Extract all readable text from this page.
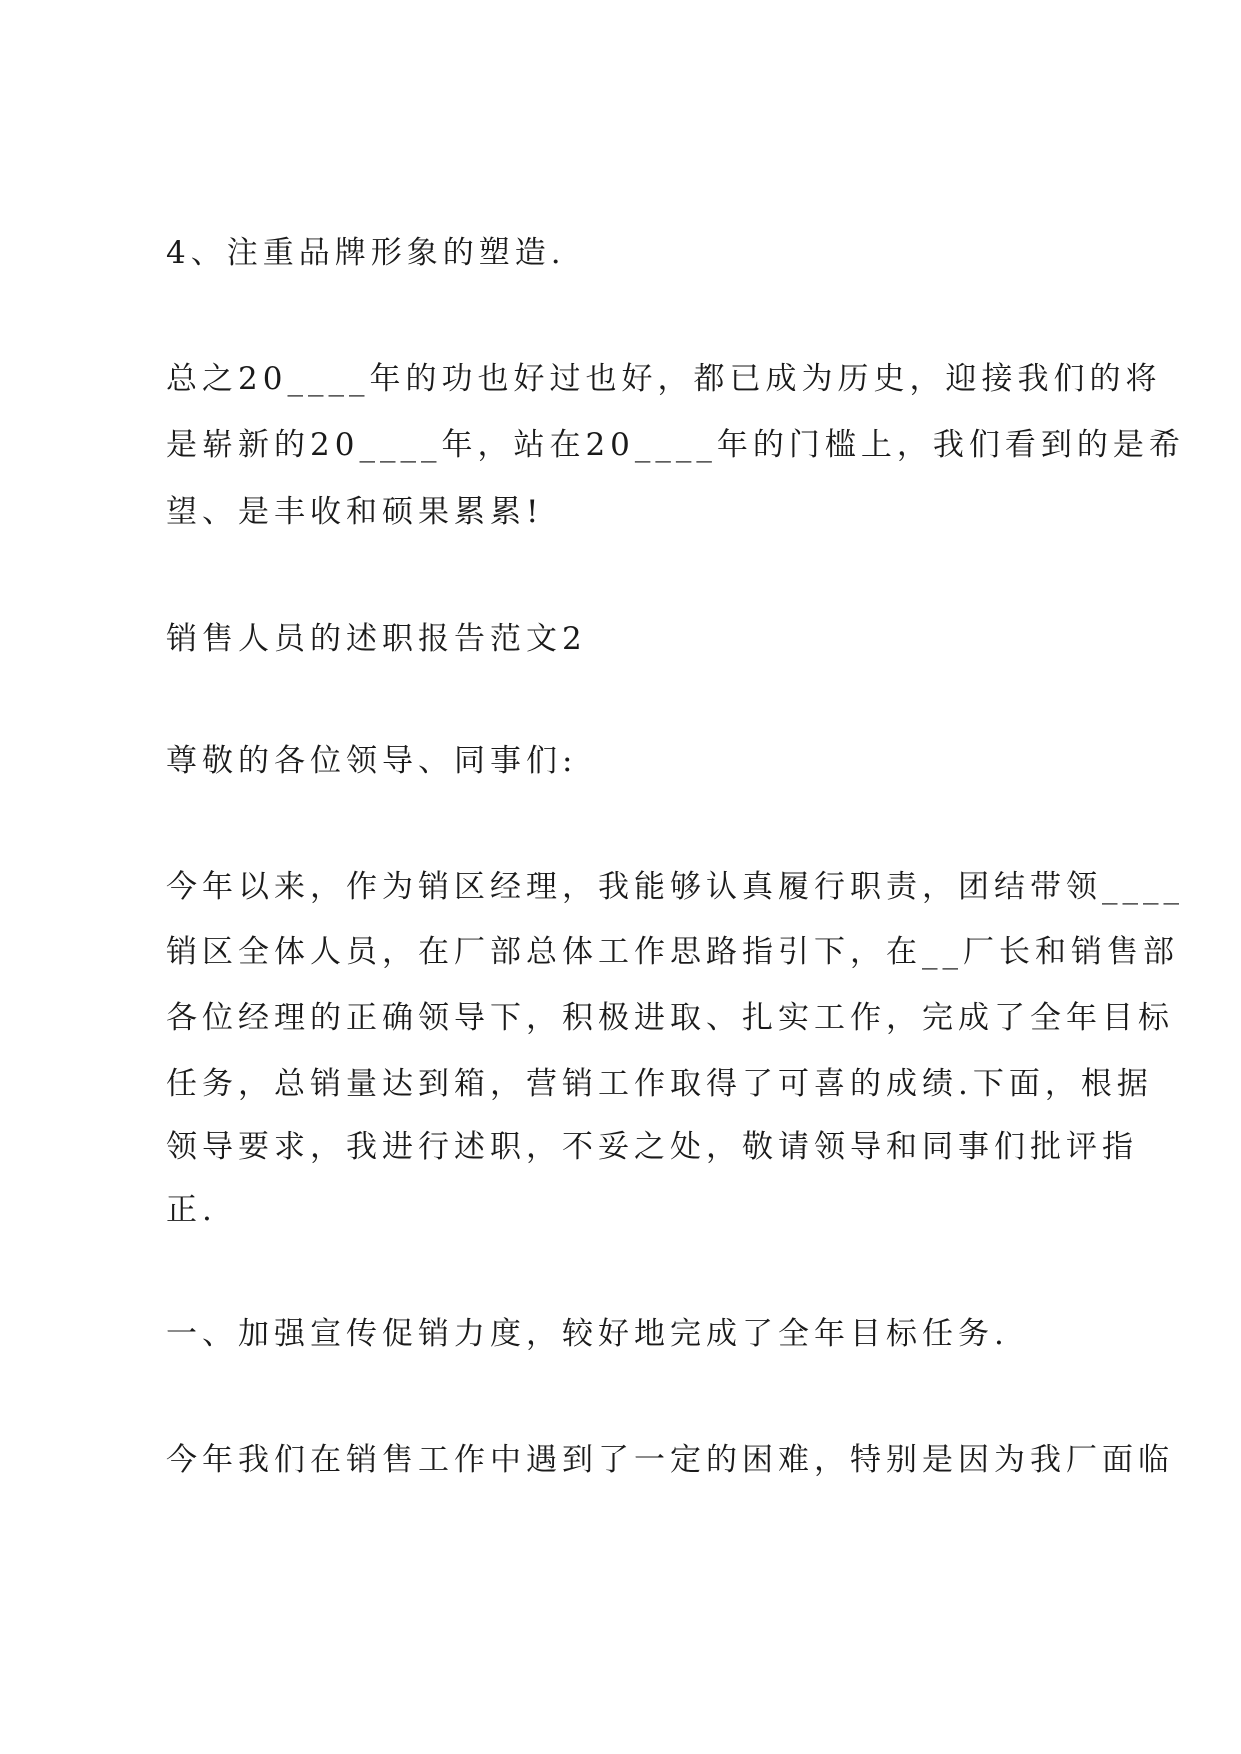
4、注重品牌形象的塑造.

总之20____年的功也好过也好，都已成为历史，迎接我们的将

是崭新的20____年，站在20____年的门槛上，我们看到的是希

望、是丰收和硕果累累!

销售人员的述职报告范文2

尊敬的各位领导、同事们:

今年以来，作为销区经理，我能够认真履行职责，团结带领____

销区全体人员，在厂部总体工作思路指引下，在__厂长和销售部

各位经理的正确领导下，积极进取、扎实工作，完成了全年目标

任务，总销量达到箱，营销工作取得了可喜的成绩.下面，根据

领导要求，我进行述职，不妥之处，敬请领导和同事们批评指

正.

一、加强宣传促销力度，较好地完成了全年目标任务.

今年我们在销售工作中遇到了一定的困难，特别是因为我厂面临
